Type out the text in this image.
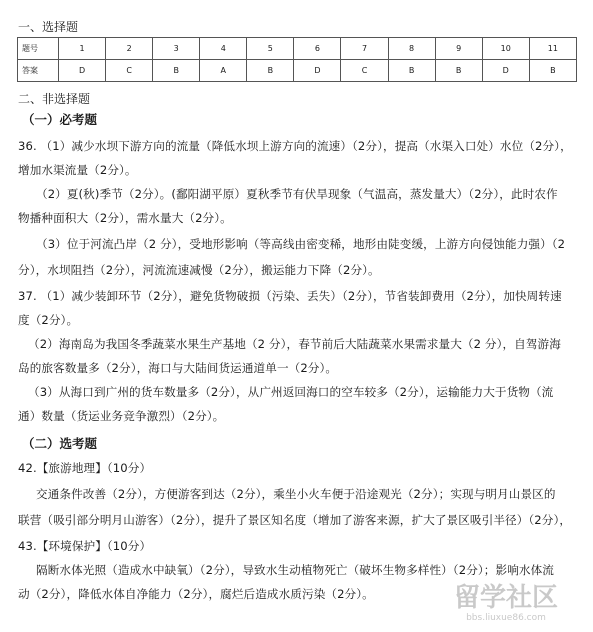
一、选择题
题号	1	2	3	4	5	6	7	8	9	10	11
答案	D	C	B	A	B	D	C	B	B	D	B
二、非选择题
（一）必考题
36. （1）减少水坝下游方向的流量（降低水坝上游方向的流速）（2分），提高（水渠入口处）水位（2分），
增加水渠流量（2分）。
（2）夏(秋)季节（2分）。(鄱阳湖平原）夏秋季节有伏旱现象（气温高，蒸发量大）（2分），此时农作
物播种面积大（2分），需水量大（2分）。
（3）位于河流凸岸（2 分），受地形影响（等高线由密变稀，地形由陡变缓，上游方向侵蚀能力强）（2
分），水坝阻挡（2分），河流流速减慢（2分），搬运能力下降（2分）。
37. （1）减少装卸环节（2分），避免货物破损（污染、丢失）（2分），节省装卸费用（2分），加快周转速
度（2分）。
（2）海南岛为我国冬季蔬菜水果生产基地（2 分），春节前后大陆蔬菜水果需求量大（2 分），自驾游海
岛的旅客数量多（2分），海口与大陆间货运通道单一（2分）。
（3）从海口到广州的货车数量多（2分），从广州返回海口的空车较多（2分），运输能力大于货物（流
通）数量（货运业务竞争激烈）（2分）。
（二）选考题
42.【旅游地理】（10分）
交通条件改善（2分），方便游客到达（2分），乘坐小火车便于沿途观光（2分）；实现与明月山景区的
联营（吸引部分明月山游客）（2分），提升了景区知名度（增加了游客来源，扩大了景区吸引半径）（2分），
43.【环境保护】（10分）
隔断水体光照（造成水中缺氧）（2分），导致水生动植物死亡（破坏生物多样性）（2分）；影响水体流
动（2分），降低水体自净能力（2分），腐烂后造成水质污染（2分）。	留学社区
bbs.liuxue86.com
